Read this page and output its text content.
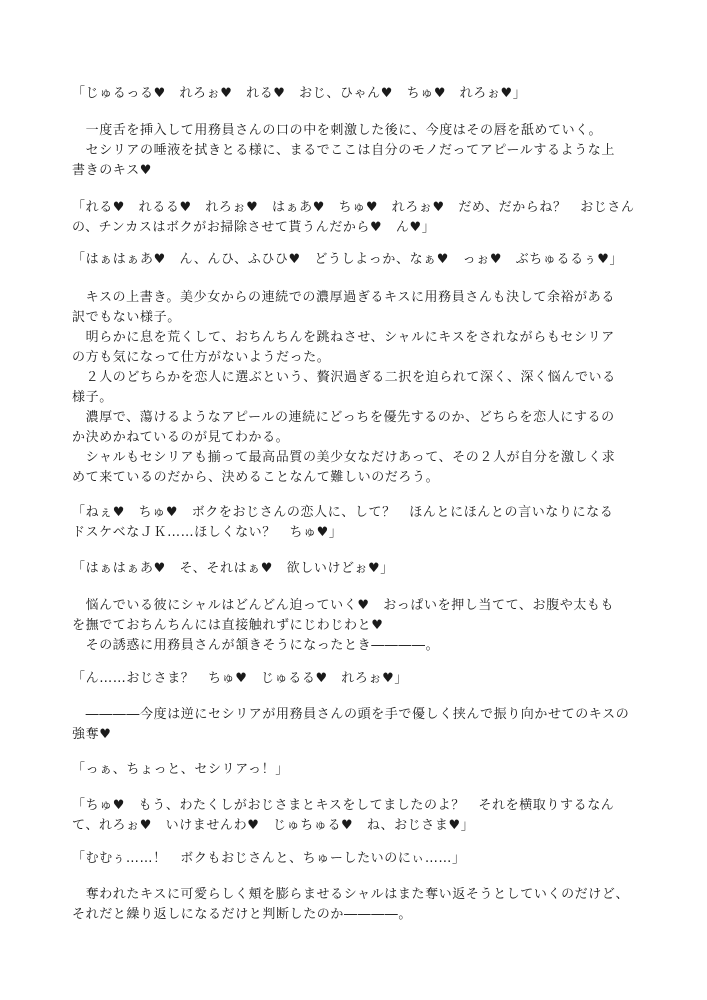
「じゅるっる♥　れろぉ♥　れる♥　おじ、ひゃん♥　ちゅ♥　れろぉ♥」
　一度舌を挿入して用務員さんの口の中を刺激した後に、今度はその唇を舐めていく。
　セシリアの唾液を拭きとる様に、まるでここは自分のモノだってアピールするような上
書きのキス♥
「れる♥　れるる♥　れろぉ♥　はぁあ♥　ちゅ♥　れろぉ♥　だめ、だからね？　おじさん
の、チンカスはボクがお掃除させて貰うんだから♥　ん♥」
「はぁはぁあ♥　ん、んひ、ふひひ♥　どうしよっか、なぁ♥　っぉ♥　ぶちゅるるぅ♥」
　キスの上書き。美少女からの連続での濃厚過ぎるキスに用務員さんも決して余裕がある
訳でもない様子。
　明らかに息を荒くして、おちんちんを跳ねさせ、シャルにキスをされながらもセシリア
の方も気になって仕方がないようだった。
　２人のどちらかを恋人に選ぶという、贅沢過ぎる二択を迫られて深く、深く悩んでいる
様子。
　濃厚で、蕩けるようなアピールの連続にどっちを優先するのか、どちらを恋人にするの
か決めかねているのが見てわかる。
　シャルもセシリアも揃って最高品質の美少女なだけあって、その２人が自分を激しく求
めて来ているのだから、決めることなんて難しいのだろう。
「ねぇ♥　ちゅ♥　ボクをおじさんの恋人に、して？　ほんとにほんとの言いなりになる
ドスケベなＪＫ……ほしくない？　ちゅ♥」
「はぁはぁあ♥　そ、それはぁ♥　欲しいけどぉ♥」
　悩んでいる彼にシャルはどんどん迫っていく♥　おっぱいを押し当てて、お腹や太もも
を撫でておちんちんには直接触れずにじわじわと♥
　その誘惑に用務員さんが頷きそうになったとき――――。
「ん……おじさま？　ちゅ♥　じゅるる♥　れろぉ♥」
　――――今度は逆にセシリアが用務員さんの頭を手で優しく挟んで振り向かせてのキスの
強奪♥
「っぁ、ちょっと、セシリアっ！」
「ちゅ♥　もう、わたくしがおじさまとキスをしてましたのよ？　それを横取りするなん
て、れろぉ♥　いけませんわ♥　じゅちゅる♥　ね、おじさま♥」
「むむぅ……！　ボクもおじさんと、ちゅーしたいのにぃ……」
　奪われたキスに可愛らしく頬を膨らませるシャルはまた奪い返そうとしていくのだけど、
それだと繰り返しになるだけと判断したのか――――。
